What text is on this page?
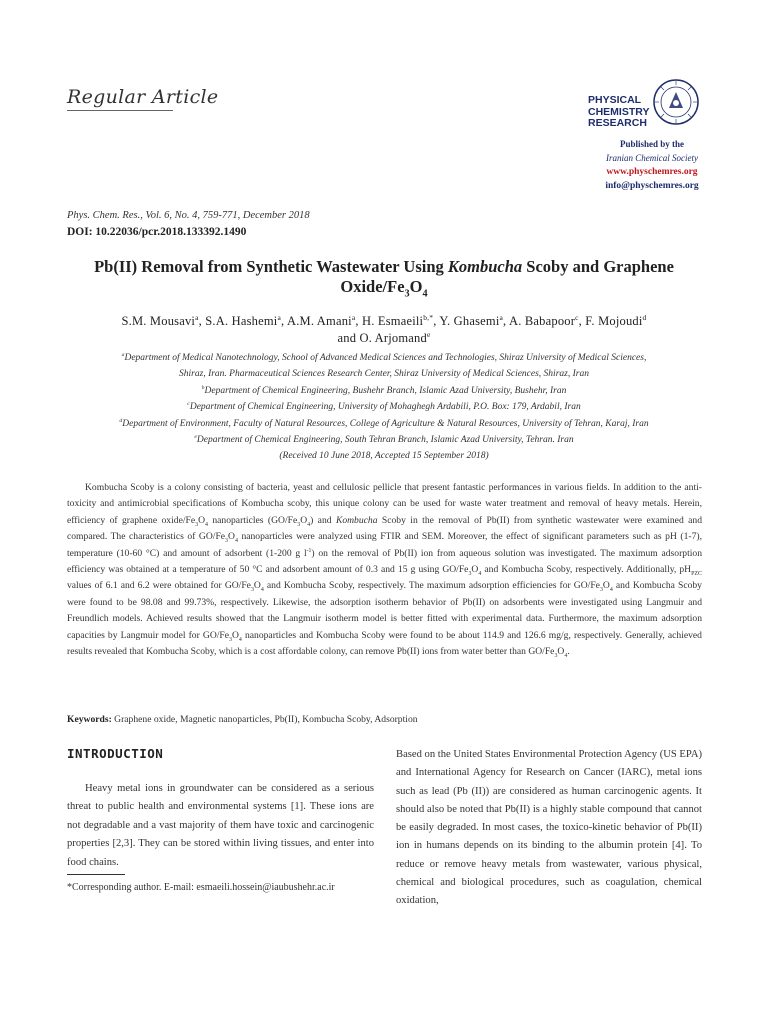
Regular Article	PHYSICAL
CHEMISTRY
RESEARCH
Published by the
Iranian Chemical Society
www.physchemres.org
info@physchemres.org
Phys. Chem. Res., Vol. 6, No. 4, 759-771, December 2018
DOI: 10.22036/pcr.2018.133392.1490
Pb(II) Removal from Synthetic Wastewater Using Kombucha Scoby and Graphene
Oxide/$Fe_3O_4$
S.M. Mousavi$^a$, S.A. Hashemi$^a$, A.M. Amani$^a$, H. Esmaeili$^{b,*}$, Y. Ghasemi$^a$, A. Babapoor$^c$, F. Mojoudi$^d$
and O. Arjomand$^e$
$^a$Department of Medical Nanotechnology, School of Advanced Medical Sciences and Technologies, Shiraz University of Medical Sciences,
Shiraz, Iran. Pharmaceutical Sciences Research Center, Shiraz University of Medical Sciences, Shiraz, Iran
$^b$Department of Chemical Engineering, Bushehr Branch, Islamic Azad University, Bushehr, Iran
$^c$Department of Chemical Engineering, University of Mohaghegh Ardabili, P.O. Box: 179, Ardabil, Iran
$^d$Department of Environment, Faculty of Natural Resources, College of Agriculture & Natural Resources, University of Tehran, Karaj, Iran
$^e$Department of Chemical Engineering, South Tehran Branch, Islamic Azad University, Tehran. Iran
(Received 10 June 2018, Accepted 15 September 2018)

Kombucha Scoby is a colony consisting of bacteria, yeast and cellulosic pellicle that present fantastic performances in various fields. In addition to the anti-toxicity and antimicrobial specifications of Kombucha scoby, this unique colony can be used for waste water treatment and removal of heavy metals. Herein, efficiency of graphene oxide/$Fe_3O_4$ nanoparticles $(GO/Fe_3O_4)$ and Kombucha Scoby in the removal of Pb(II) from synthetic wastewater were examined and compared. The characteristics of $GO/Fe_3O_4$ nanoparticles were analyzed using FTIR and SEM. Moreover, the effect of significant parameters such as pH (1-7), temperature (10-60 °C) and amount of adsorbent (1-200 g $l^{-1}$) on the removal of Pb(II) ion from aqueous solution was investigated. The maximum adsorption efficiency was obtained at a temperature of 50 °C and adsorbent amount of 0.3 and 15 g using $GO/Fe_3O_4$ and Kombucha Scoby, respectively. Additionally, $pH_{PZC}$ values of 6.1 and 6.2 were obtained for $GO/Fe_3O_4$ and Kombucha Scoby, respectively. The maximum adsorption efficiencies for $GO/Fe_3O_4$ and Kombucha Scoby were found to be 98.08 and 99.73%, respectively. Likewise, the adsorption isotherm behavior of Pb(II) on adsorbents were investigated using Langmuir and Freundlich models. Achieved results showed that the Langmuir isotherm model is better fitted with experimental data. Furthermore, the maximum adsorption capacities by Langmuir model for $GO/Fe_3O_4$ nanoparticles and Kombucha Scoby were found to be about 114.9 and 126.6 mg/g, respectively. Generally, achieved results revealed that Kombucha Scoby, which is a cost affordable colony, can remove Pb(II) ions from water better than $GO/Fe_3O_4$.

Keywords: Graphene oxide, Magnetic nanoparticles, Pb(II), Kombucha Scoby, Adsorption
INTRODUCTION

Heavy metal ions in groundwater can be considered as a serious threat to public health and environmental systems [1]. These ions are not degradable and a vast majority of them have toxic and carcinogenic properties [2,3]. They can be stored within living tissues, and enter into food chains.

*Corresponding author. E-mail: esmaeili.hossein@iaubushehr.ac.ir

Based on the United States Environmental Protection Agency (US EPA) and International Agency for Research on Cancer (IARC), metal ions such as lead (Pb (II)) are considered as human carcinogenic agents. It should also be noted that Pb(II) is a highly stable compound that cannot be easily degraded. In most cases, the toxico-kinetic behavior of Pb(II) ion in humans depends on its binding to the albumin protein [4]. To reduce or remove heavy metals from wastewater, various physical, chemical and biological procedures, such as coagulation, chemical oxidation,
